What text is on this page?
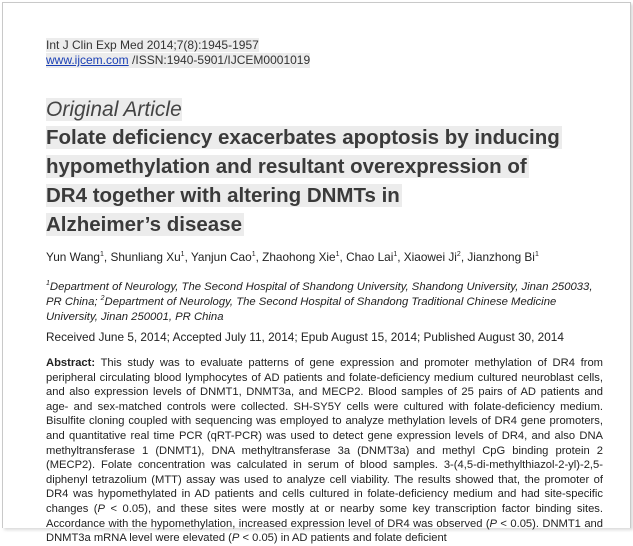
Int J Clin Exp Med 2014;7(8):1945-1957
www.ijcem.com /ISSN:1940-5901/IJCEM0001019
Original Article
Folate deficiency exacerbates apoptosis by inducing
hypomethylation and resultant overexpression of
DR4 together with altering DNMTs in
Alzheimer’s disease
Yun Wang$^1$, Shunliang Xu$^1$, Yanjun Cao$^1$, Zhaohong Xie$^1$, Chao Lai$^1$, Xiaowei Ji$^2$, Jianzhong Bi$^1$
$^1$Department of Neurology, The Second Hospital of Shandong University, Shandong University, Jinan 250033, PR China; $^2$Department of Neurology, The Second Hospital of Shandong Traditional Chinese Medicine University, Jinan 250001, PR China
Received June 5, 2014; Accepted July 11, 2014; Epub August 15, 2014; Published August 30, 2014
Abstract: This study was to evaluate patterns of gene expression and promoter methylation of DR4 from peripheral circulating blood lymphocytes of AD patients and folate-deficiency medium cultured neuroblast cells, and also expression levels of DNMT1, DNMT3a, and MECP2. Blood samples of 25 pairs of AD patients and age- and sex-matched controls were collected. SH-SY5Y cells were cultured with folate-deficiency medium. Bisulfite cloning coupled with sequencing was employed to analyze methylation levels of DR4 gene promoters, and quantitative real time PCR (qRT-PCR) was used to detect gene expression levels of DR4, and also DNA methyltransferase 1 (DNMT1), DNA methyltransferase 3a (DNMT3a) and methyl CpG binding protein 2 (MECP2). Folate concentration was calculated in serum of blood samples. 3-(4,5-di-methylthiazol-2-yl)-2,5-diphenyl tetrazolium (MTT) assay was used to analyze cell viability. The results showed that, the promoter of DR4 was hypomethylated in AD patients and cells cultured in folate-deficiency medium and had site-specific changes (P < 0.05), and these sites were mostly at or nearby some key transcription factor binding sites. Accordance with the hypomethylation, increased expression level of DR4 was observed (P < 0.05). DNMT1 and DNMT3a mRNA level were elevated (P < 0.05) in AD patients and folate deficient
